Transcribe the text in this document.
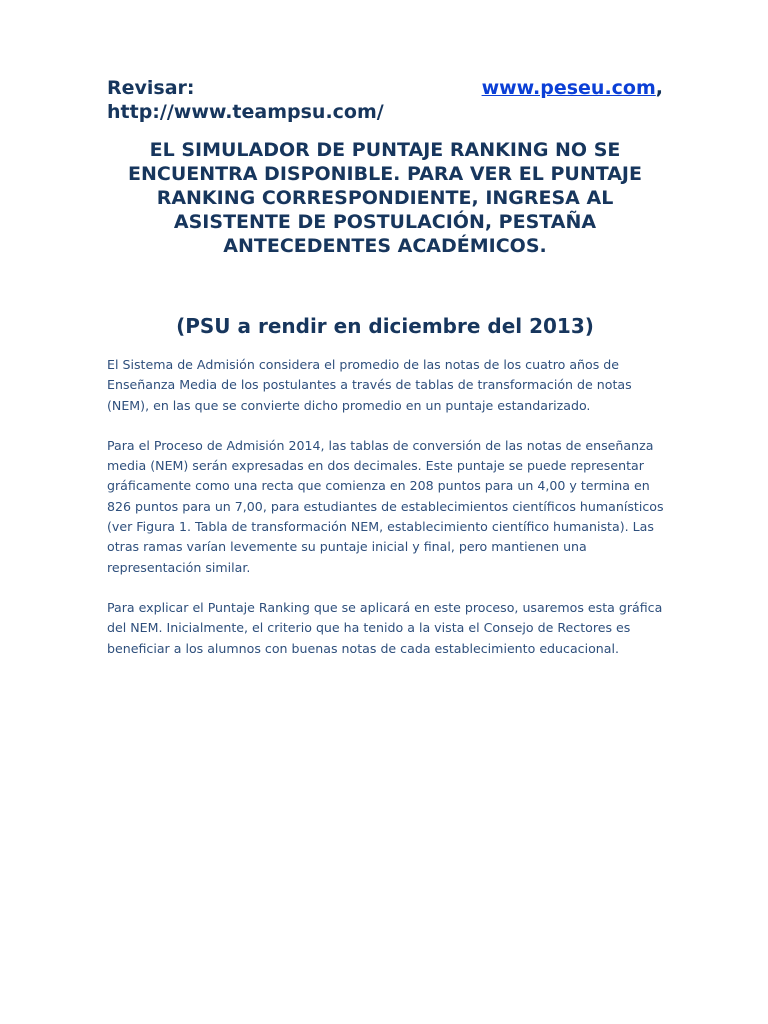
Revisar:	www.peseu.com,
http://www.teampsu.com/

EL SIMULADOR DE PUNTAJE RANKING NO SE ENCUENTRA DISPONIBLE. PARA VER EL PUNTAJE RANKING CORRESPONDIENTE, INGRESA AL ASISTENTE DE POSTULACIÓN, PESTAÑA ANTECEDENTES ACADÉMICOS.

(PSU a rendir en diciembre del 2013)

El Sistema de Admisión considera el promedio de las notas de los cuatro años de Enseñanza Media de los postulantes a través de tablas de transformación de notas (NEM), en las que se convierte dicho promedio en un puntaje estandarizado.

Para el Proceso de Admisión 2014, las tablas de conversión de las notas de enseñanza media (NEM) serán expresadas en dos decimales. Este puntaje se puede representar gráficamente como una recta que comienza en 208 puntos para un 4,00 y termina en 826 puntos para un 7,00, para estudiantes de establecimientos científicos humanísticos (ver Figura 1. Tabla de transformación NEM, establecimiento científico humanista). Las otras ramas varían levemente su puntaje inicial y final, pero mantienen una representación similar.

Para explicar el Puntaje Ranking que se aplicará en este proceso, usaremos esta gráfica del NEM. Inicialmente, el criterio que ha tenido a la vista el Consejo de Rectores es beneficiar a los alumnos con buenas notas de cada establecimiento educacional.
